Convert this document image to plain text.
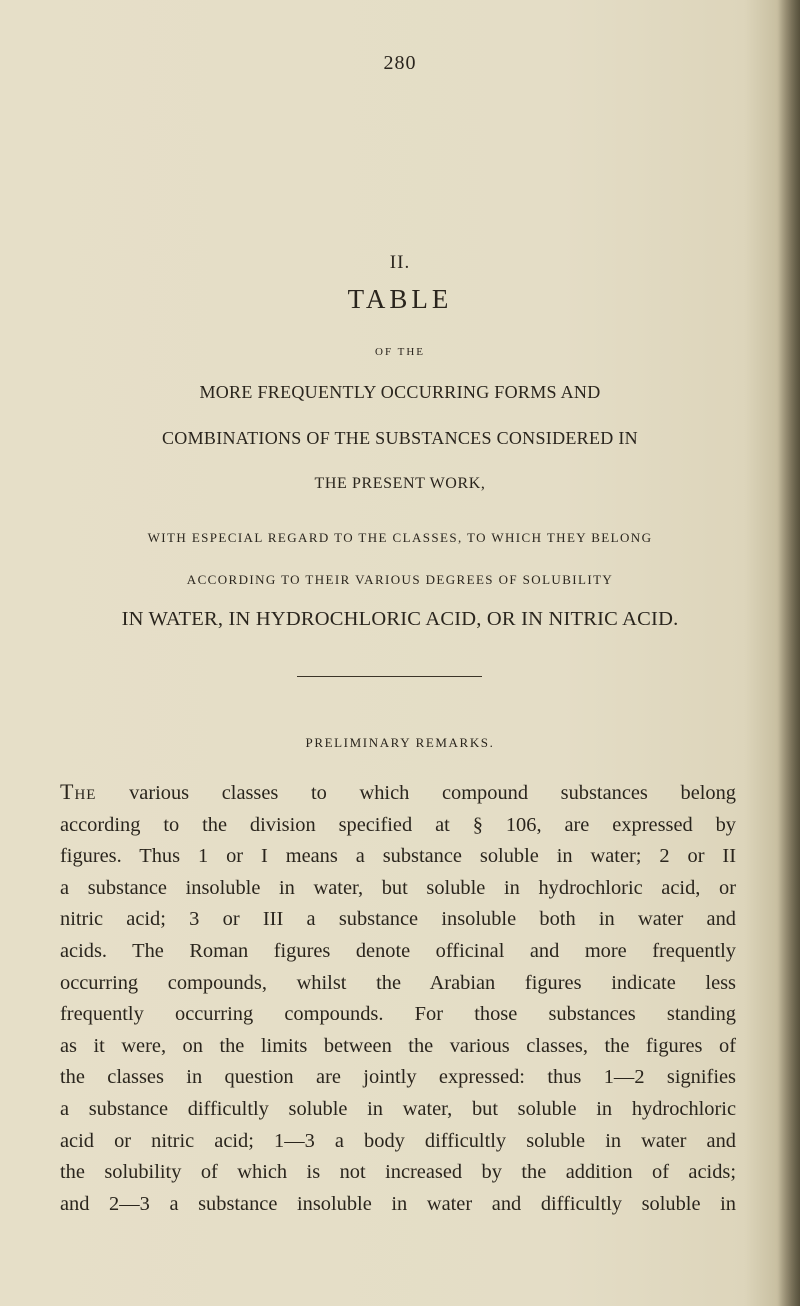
280
II.
TABLE
OF THE
MORE FREQUENTLY OCCURRING FORMS AND
COMBINATIONS OF THE SUBSTANCES CONSIDERED IN
THE PRESENT WORK,
WITH ESPECIAL REGARD TO THE CLASSES, TO WHICH THEY BELONG
ACCORDING TO THEIR VARIOUS DEGREES OF SOLUBILITY
IN WATER, IN HYDROCHLORIC ACID, OR IN NITRIC ACID.
PRELIMINARY REMARKS.
The various classes to which compound substances belong
according to the division specified at § 106, are expressed by
figures. Thus 1 or I means a substance soluble in water; 2 or II
a substance insoluble in water, but soluble in hydrochloric acid, or
nitric acid; 3 or III a substance insoluble both in water and
acids. The Roman figures denote officinal and more frequently
occurring compounds, whilst the Arabian figures indicate less
frequently occurring compounds. For those substances standing
as it were, on the limits between the various classes, the figures of
the classes in question are jointly expressed: thus 1—2 signifies
a substance difficultly soluble in water, but soluble in hydrochloric
acid or nitric acid; 1—3 a body difficultly soluble in water and
the solubility of which is not increased by the addition of acids;
and 2—3 a substance insoluble in water and difficultly soluble in
